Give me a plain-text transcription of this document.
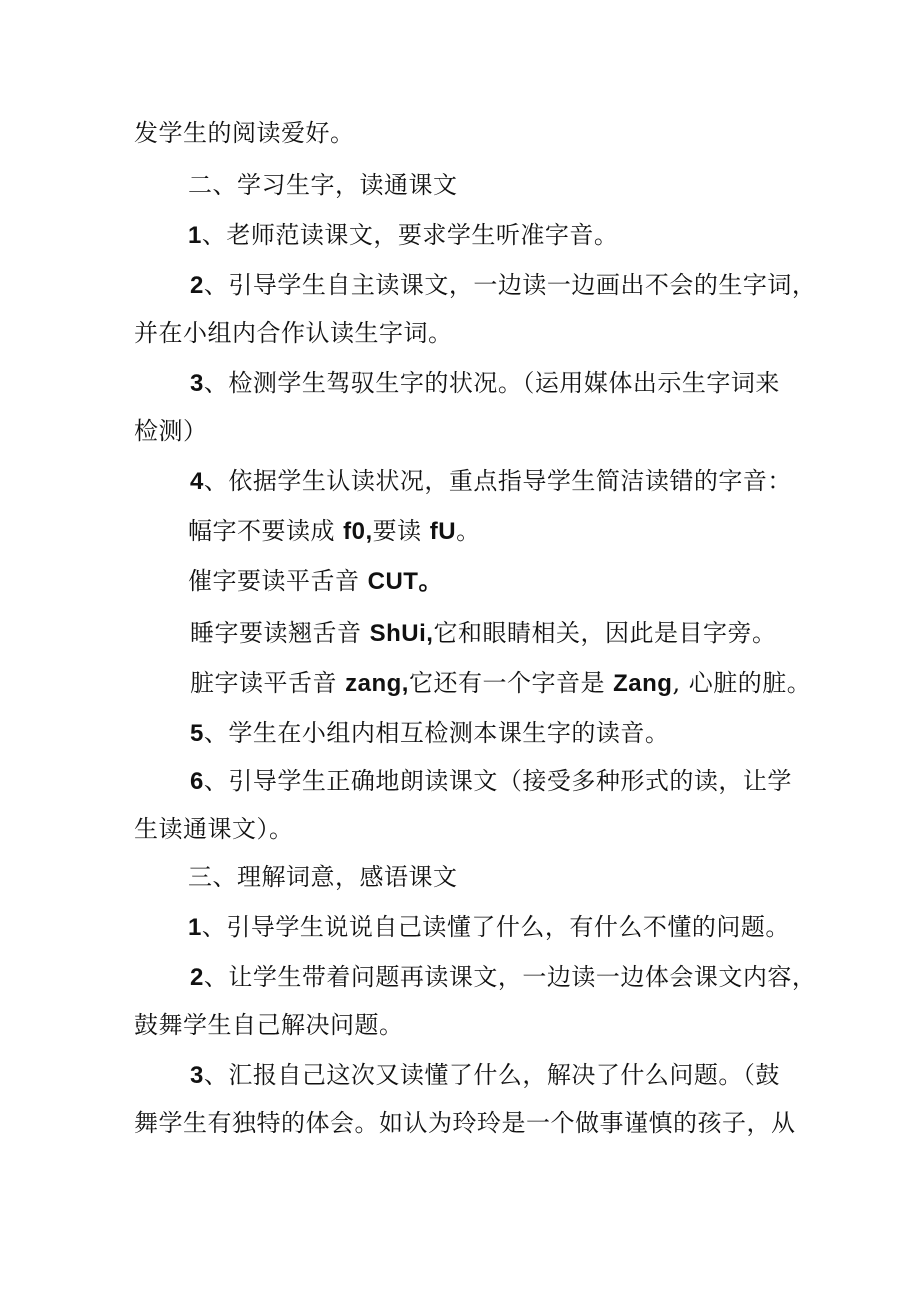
发学生的阅读爱好。
二、学习生字，读通课文
1、老师范读课文，要求学生听准字音。
2、引导学生自主读课文，一边读一边画出不会的生字词，
并在小组内合作认读生字词。
3、检测学生驾驭生字的状况。（运用媒体出示生字词来
检测）
4、依据学生认读状况，重点指导学生简洁读错的字音：
幅字不要读成 f0,要读 fU。
催字要读平舌音 CUT。
睡字要读翘舌音 ShUi,它和眼睛相关，因此是目字旁。
脏字读平舌音 zang,它还有一个字音是 Zang, 心脏的脏。
5、学生在小组内相互检测本课生字的读音。
6、引导学生正确地朗读课文（接受多种形式的读，让学
生读通课文）。
三、理解词意，感语课文
1、引导学生说说自己读懂了什么，有什么不懂的问题。
2、让学生带着问题再读课文，一边读一边体会课文内容，
鼓舞学生自己解决问题。
3、汇报自己这次又读懂了什么，解决了什么问题。（鼓
舞学生有独特的体会。如认为玲玲是一个做事谨慎的孩子，从
